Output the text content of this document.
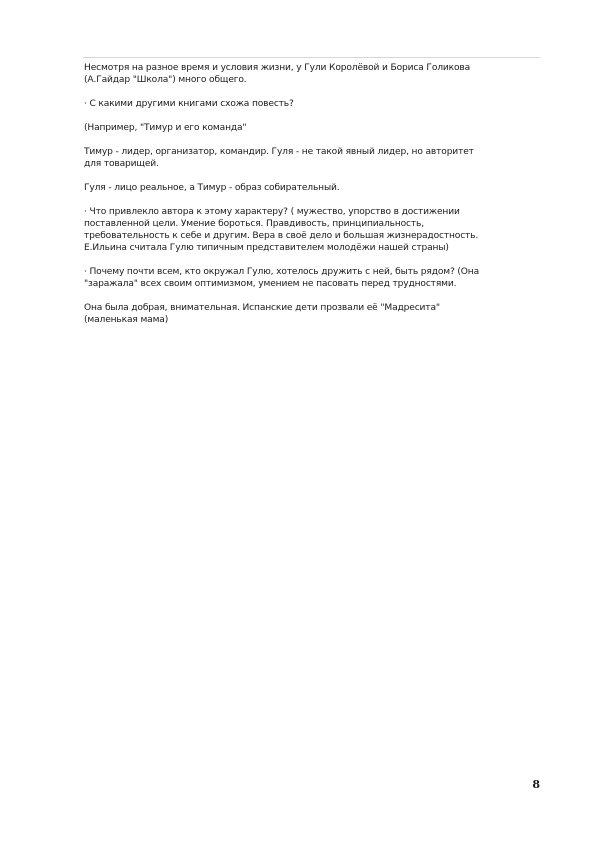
Несмотря на разное время и условия жизни, у Гули Королёвой и Бориса Голикова
(А.Гайдар "Школа") много общего.

· С какими другими книгами схожа повесть?

(Например, "Тимур и его команда"

Тимур - лидер, организатор, командир. Гуля - не такой явный лидер, но авторитет
для товарищей.

Гуля - лицо реальное, а Тимур - образ собирательный.

· Что привлекло автора к этому характеру? ( мужество, упорство в достижении
поставленной цели. Умение бороться. Правдивость, принципиальность,
требовательность к себе и другим. Вера в своё дело и большая жизнерадостность.
Е.Ильина считала Гулю типичным представителем молодёжи нашей страны)

· Почему почти всем, кто окружал Гулю, хотелось дружить с ней, быть рядом? (Она
"заражала" всех своим оптимизмом, умением не пасовать перед трудностями.

Она была добрая, внимательная. Испанские дети прозвали её "Мадресита"
(маленькая мама)

8
